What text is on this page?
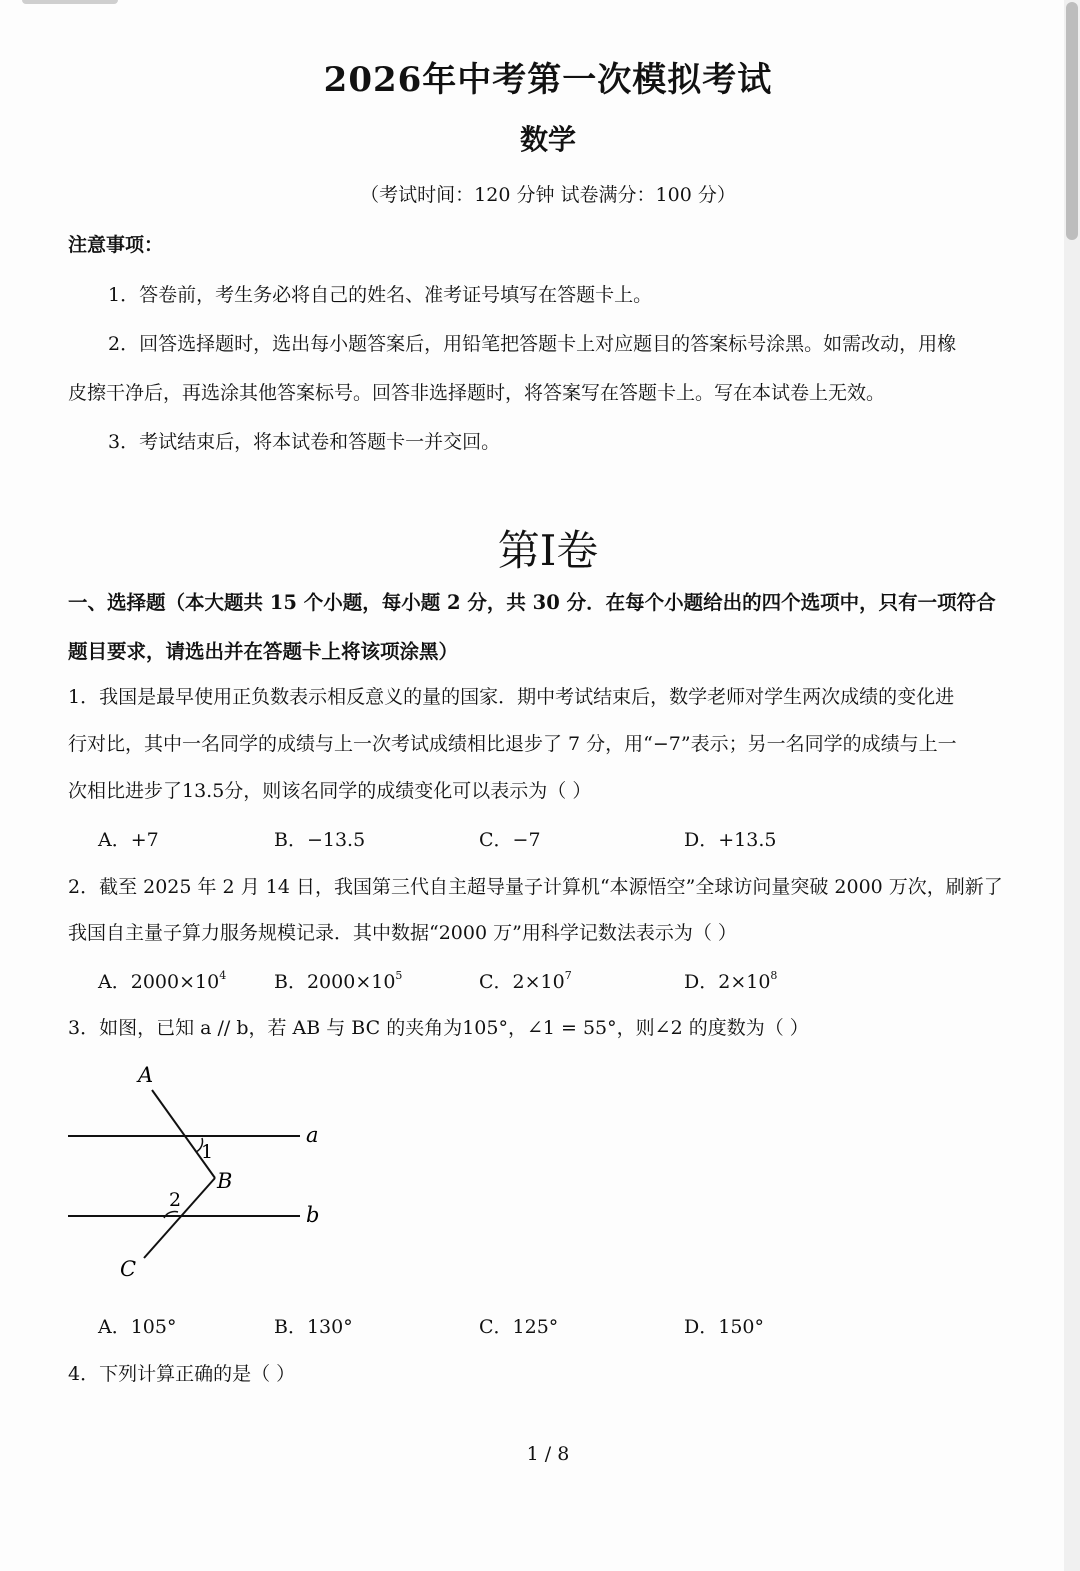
2026年中考第一次模拟考试
数学
（考试时间：120 分钟 试卷满分：100 分）
注意事项：
1．答卷前，考生务必将自己的姓名、准考证号填写在答题卡上。
2．回答选择题时，选出每小题答案后，用铅笔把答题卡上对应题目的答案标号涂黑。如需改动，用橡
皮擦干净后，再选涂其他答案标号。回答非选择题时，将答案写在答题卡上。写在本试卷上无效。
3．考试结束后，将本试卷和答题卡一并交回。
第I卷
一、选择题（本大题共 15 个小题，每小题 2 分，共 30 分．在每个小题给出的四个选项中，只有一项符合
题目要求，请选出并在答题卡上将该项涂黑）
1．我国是最早使用正负数表示相反意义的量的国家．期中考试结束后，数学老师对学生两次成绩的变化进
行对比，其中一名同学的成绩与上一次考试成绩相比退步了 7 分，用“−7”表示；另一名同学的成绩与上一
次相比进步了13.5分，则该名同学的成绩变化可以表示为（ ）
A．+7	B．−13.5	C．−7	D．+13.5
2．截至 2025 年 2 月 14 日，我国第三代自主超导量子计算机“本源悟空”全球访问量突破 2000 万次，刷新了
我国自主量子算力服务规模记录．其中数据“2000 万”用科学记数法表示为（ ）
A．$2000\times 10^4$	B．$2000\times 10^5$	C．$2\times 10^7$	D．$2\times 10^8$
3．如图，已知 a // b，若 AB 与 BC 的夹角为105°，∠1 = 55°，则∠2 的度数为（ ）
A
B
C
a
b
1
2
A．105°	B．130°	C．125°	D．150°
4．下列计算正确的是（ ）
1 / 8
